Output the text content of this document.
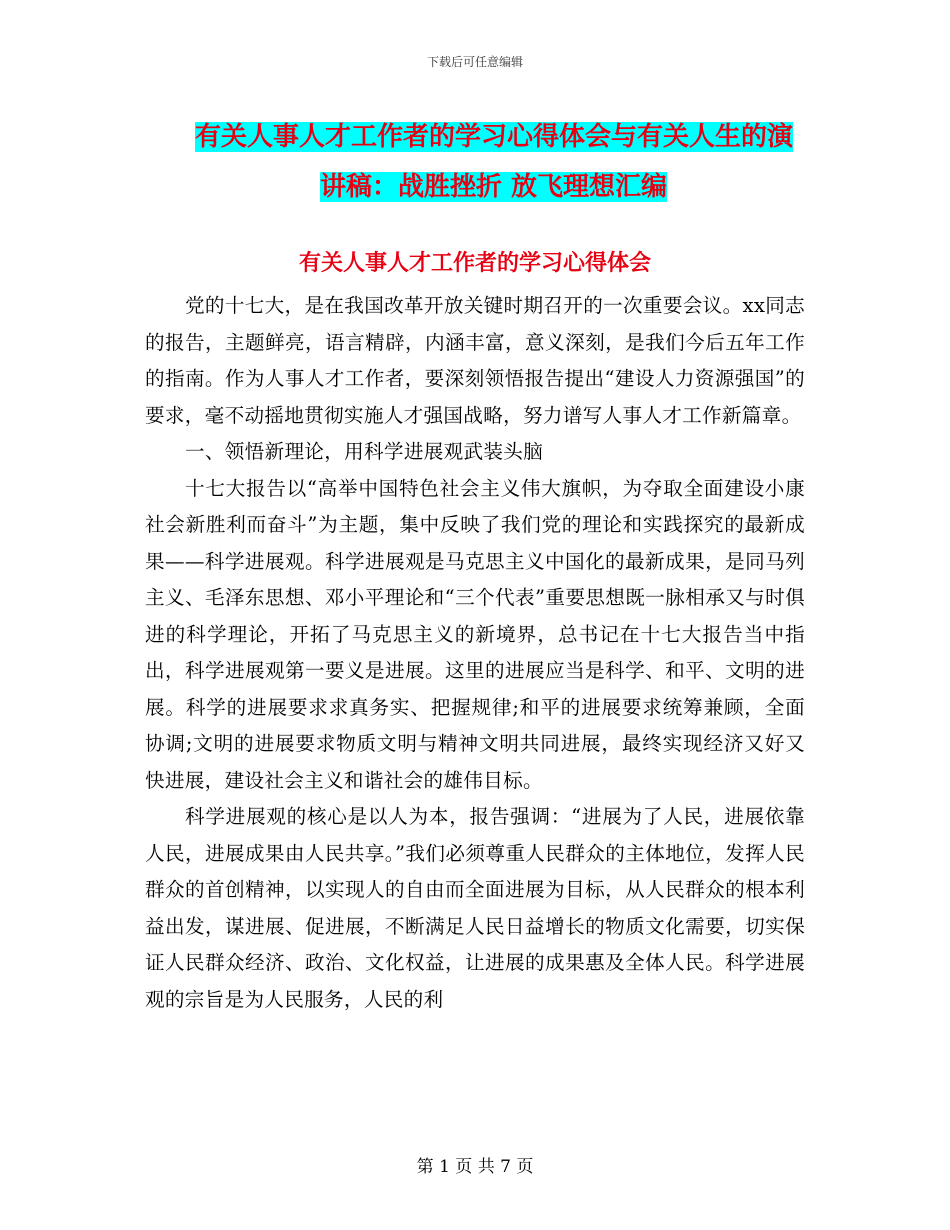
下载后可任意编辑
有关人事人才工作者的学习心得体会与有关人生的演
讲稿：战胜挫折 放飞理想汇编
有关人事人才工作者的学习心得体会

党的十七大，是在我国改革开放关键时期召开的一次重要会议。xx同志的报告，主题鲜亮，语言精辟，内涵丰富，意义深刻，是我们今后五年工作的指南。作为人事人才工作者，要深刻领悟报告提出“建设人力资源强国”的要求，毫不动摇地贯彻实施人才强国战略，努力谱写人事人才工作新篇章。

一、领悟新理论，用科学进展观武装头脑

十七大报告以“高举中国特色社会主义伟大旗帜，为夺取全面建设小康社会新胜利而奋斗”为主题，集中反映了我们党的理论和实践探究的最新成果——科学进展观。科学进展观是马克思主义中国化的最新成果，是同马列主义、毛泽东思想、邓小平理论和“三个代表”重要思想既一脉相承又与时俱进的科学理论，开拓了马克思主义的新境界，总书记在十七大报告当中指出，科学进展观第一要义是进展。这里的进展应当是科学、和平、文明的进展。科学的进展要求求真务实、把握规律;和平的进展要求统筹兼顾，全面协调;文明的进展要求物质文明与精神文明共同进展，最终实现经济又好又快进展，建设社会主义和谐社会的雄伟目标。

科学进展观的核心是以人为本，报告强调：“进展为了人民，进展依靠人民，进展成果由人民共享。”我们必须尊重人民群众的主体地位，发挥人民群众的首创精神，以实现人的自由而全面进展为目标，从人民群众的根本利益出发，谋进展、促进展，不断满足人民日益增长的物质文化需要，切实保证人民群众经济、政治、文化权益，让进展的成果惠及全体人民。科学进展观的宗旨是为人民服务，人民的利

第 1 页 共 7 页
